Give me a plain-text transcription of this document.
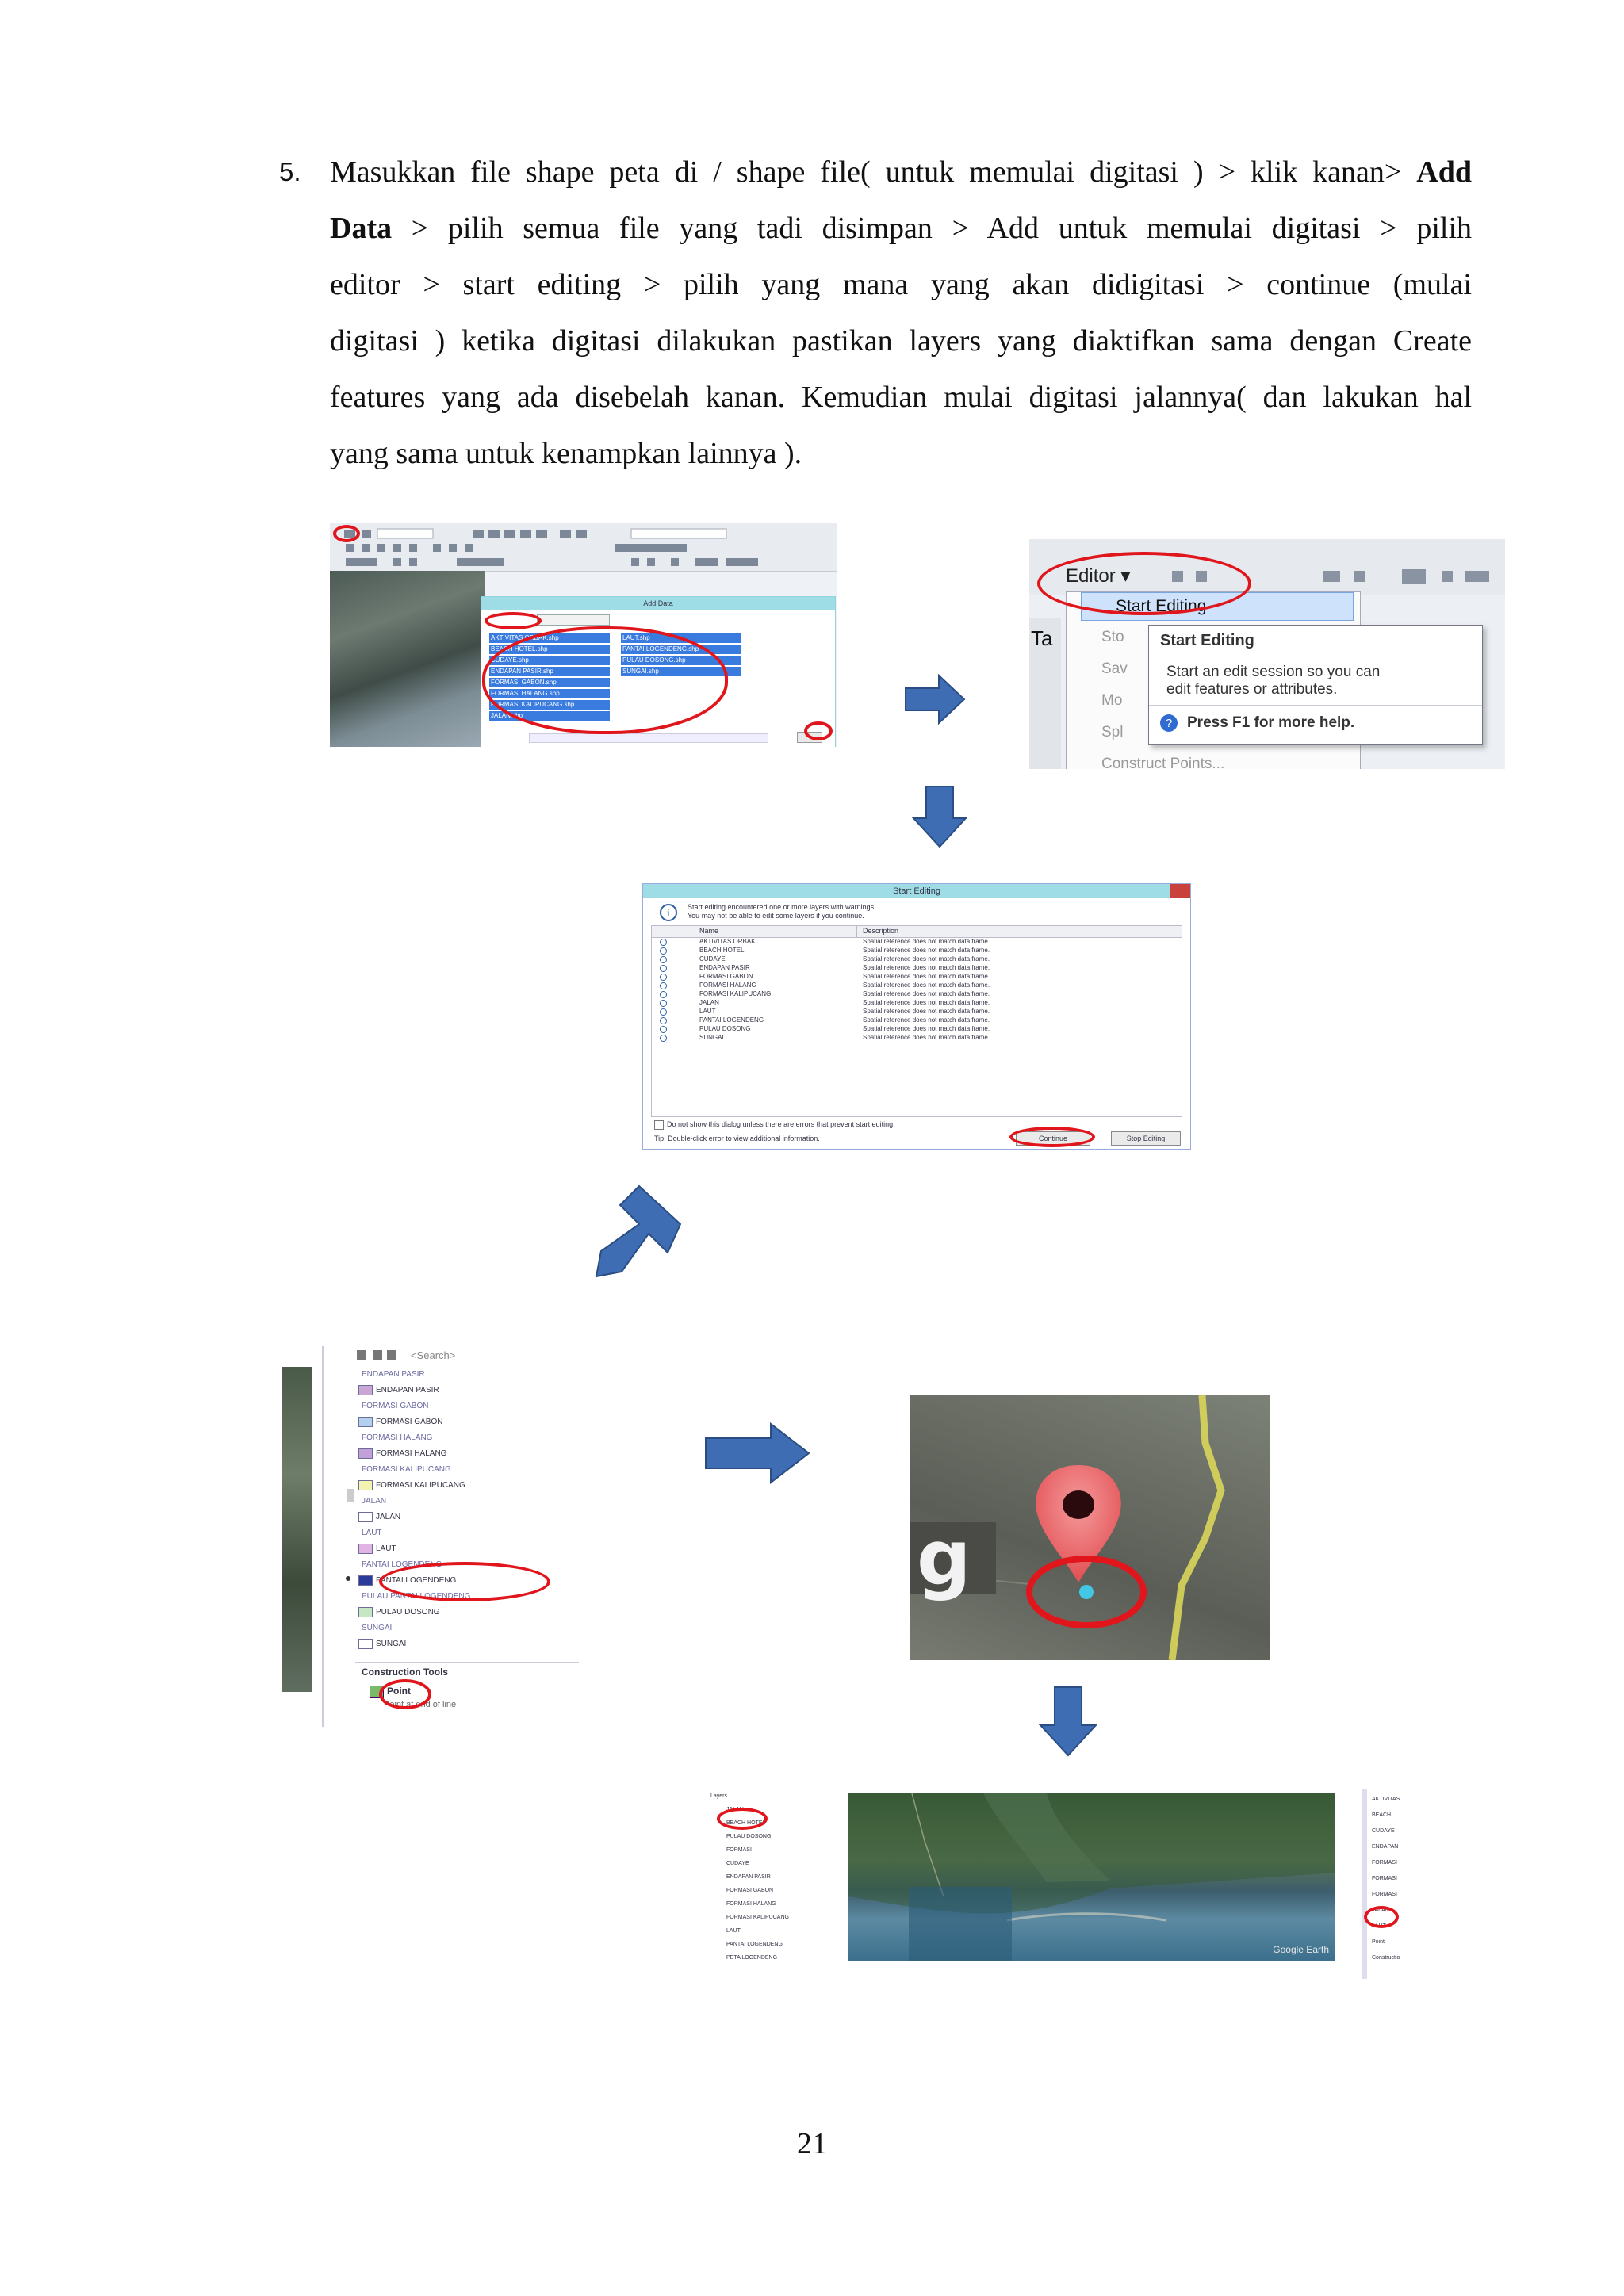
5. Masukkan file shape peta di / shape file( untuk memulai digitasi ) > klik kanan> Add
Data > pilih semua file yang tadi disimpan > Add untuk memulai digitasi > pilih
editor > start editing > pilih yang mana yang akan didigitasi > continue (mulai
digitasi ) ketika digitasi dilakukan pastikan layers yang diaktifkan sama dengan Create
features yang ada disebelah kanan. Kemudian mulai digitasi jalannya( dan lakukan hal
yang sama untuk kenampkan lainnya ).
Add Data
AKTIVITAS ORBAK.shp
BEACH HOTEL.shp
CUDAYE.shp
ENDAPAN PASIR.shp
FORMASI GABON.shp
FORMASI HALANG.shp
FORMASI KALIPUCANG.shp
JALAN.shp
LAUT.shp
PANTAI LOGENDENG.shp
PULAU DOSONG.shp
SUNGAI.shp
Editor ▾
Ta
Start Editing
Sto
Sav
Mo
Spl
Construct Points...
Start Editing
Start an edit session so you can
edit features or attributes.
? Press F1 for more help.
Start Editing
i
Start editing encountered one or more layers with warnings.
You may not be able to edit some layers if you continue.
Name	Description
AKTIVITAS ORBAK	Spatial reference does not match data frame.
BEACH HOTEL	Spatial reference does not match data frame.
CUDAYE	Spatial reference does not match data frame.
ENDAPAN PASIR	Spatial reference does not match data frame.
FORMASI GABON	Spatial reference does not match data frame.
FORMASI HALANG	Spatial reference does not match data frame.
FORMASI KALIPUCANG	Spatial reference does not match data frame.
JALAN	Spatial reference does not match data frame.
LAUT	Spatial reference does not match data frame.
PANTAI LOGENDENG	Spatial reference does not match data frame.
PULAU DOSONG	Spatial reference does not match data frame.
SUNGAI	Spatial reference does not match data frame.
Do not show this dialog unless there are errors that prevent start editing.
Tip: Double-click error to view additional information.	Continue	Stop Editing
<Search>
ENDAPAN PASIR
ENDAPAN PASIR
FORMASI GABON
FORMASI GABON
FORMASI HALANG
FORMASI HALANG
FORMASI KALIPUCANG
FORMASI KALIPUCANG
JALAN
JALAN
LAUT
LAUT
PANTAI LOGENDENG
PANTAI LOGENDENG
PULAU PANTAI LOGENDENG
PULAU DOSONG
SUNGAI
SUNGAI
Construction Tools
Point
Point at end of line
g
Layers
JALAN
BEACH HOTEL
PULAU DOSONG
FORMASI
CUDAYE
ENDAPAN PASIR
FORMASI GABON
FORMASI HALANG
FORMASI KALIPUCANG
LAUT
PANTAI LOGENDENG
PETA LOGENDENG
Google Earth
AKTIVITAS
BEACH
CUDAYE
ENDAPAN
FORMASI
FORMASI
FORMASI
JALAN
LAUT
Point
Constructio
21
